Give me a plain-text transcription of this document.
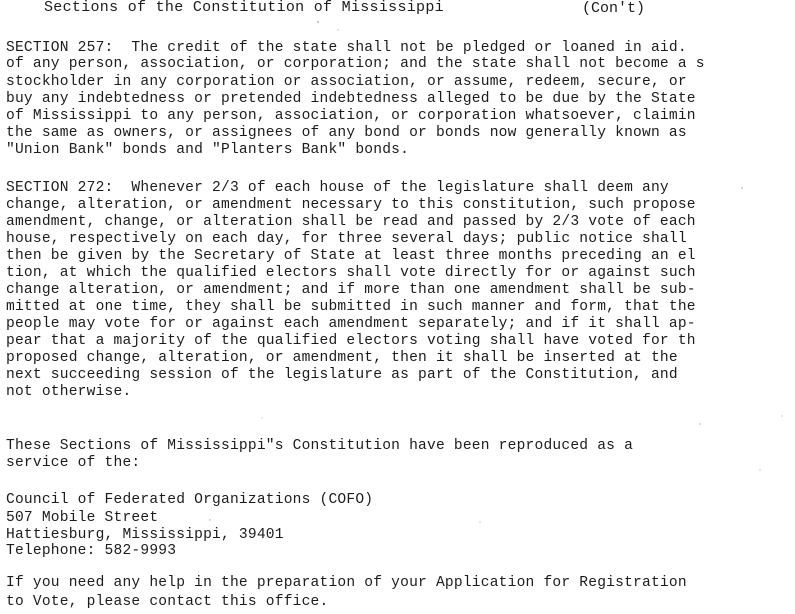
Sections of the Constitution of Mississippi	(Con't)
SECTION 257:  The credit of the state shall not be pledged or loaned in aid.
of any person, association, or corporation; and the state shall not become a s
stockholder in any corporation or association, or assume, redeem, secure, or
buy any indebtedness or pretended indebtedness alleged to be due by the State
of Mississippi to any person, association, or corporation whatsoever, claimin
the same as owners, or assignees of any bond or bonds now generally known as
"Union Bank" bonds and "Planters Bank" bonds.
SECTION 272:  Whenever 2/3 of each house of the legislature shall deem any
change, alteration, or amendment necessary to this constitution, such propose
amendment, change, or alteration shall be read and passed by 2/3 vote of each
house, respectively on each day, for three several days; public notice shall
then be given by the Secretary of State at least three months preceding an el
tion, at which the qualified electors shall vote directly for or against such
change alteration, or amendment; and if more than one amendment shall be sub-
mitted at one time, they shall be submitted in such manner and form, that the
people may vote for or against each amendment separately; and if it shall ap-
pear that a majority of the qualified electors voting shall have voted for th
proposed change, alteration, or amendment, then it shall be inserted at the
next succeeding session of the legislature as part of the Constitution, and
not otherwise.
These Sections of Mississippi"s Constitution have been reproduced as a
service of the:
Council of Federated Organizations (COFO)
507 Mobile Street
Hattiesburg, Mississippi, 39401
Telephone: 582-9993
If you need any help in the preparation of your Application for Registration
to Vote, please contact this office.
